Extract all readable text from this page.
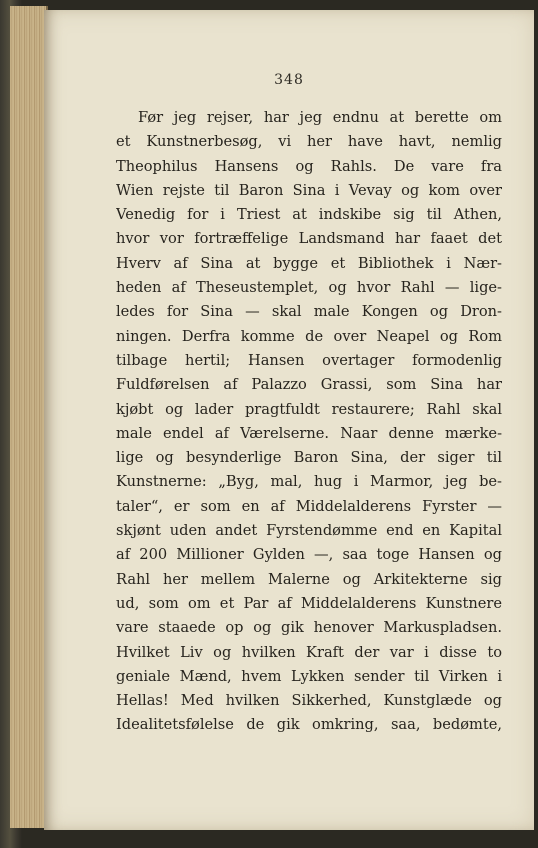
348
Før jeg rejser, har jeg endnu at berette om
et Kunstnerbesøg, vi her have havt, nemlig
Theophilus Hansens og Rahls. De vare fra
Wien rejste til Baron Sina i Vevay og kom over
Venedig for i Triest at indskibe sig til Athen,
hvor vor fortræffelige Landsmand har faaet det
Hverv af Sina at bygge et Bibliothek i Nær-
heden af Theseustemplet, og hvor Rahl — lige-
ledes for Sina — skal male Kongen og Dron-
ningen. Derfra komme de over Neapel og Rom
tilbage hertil; Hansen overtager formodenlig
Fuldførelsen af Palazzo Grassi, som Sina har
kjøbt og lader pragtfuldt restaurere; Rahl skal
male endel af Værelserne. Naar denne mærke-
lige og besynderlige Baron Sina, der siger til
Kunstnerne: „Byg, mal, hug i Marmor, jeg be-
taler“, er som en af Middelalderens Fyrster —
skjønt uden andet Fyrstendømme end en Kapital
af 200 Millioner Gylden —, saa toge Hansen og
Rahl her mellem Malerne og Arkitekterne sig
ud, som om et Par af Middelalderens Kunstnere
vare staaede op og gik henover Markuspladsen.
Hvilket Liv og hvilken Kraft der var i disse to
geniale Mænd, hvem Lykken sender til Virken i
Hellas! Med hvilken Sikkerhed, Kunstglæde og
Idealitetsfølelse de gik omkring, saa, bedømte,
